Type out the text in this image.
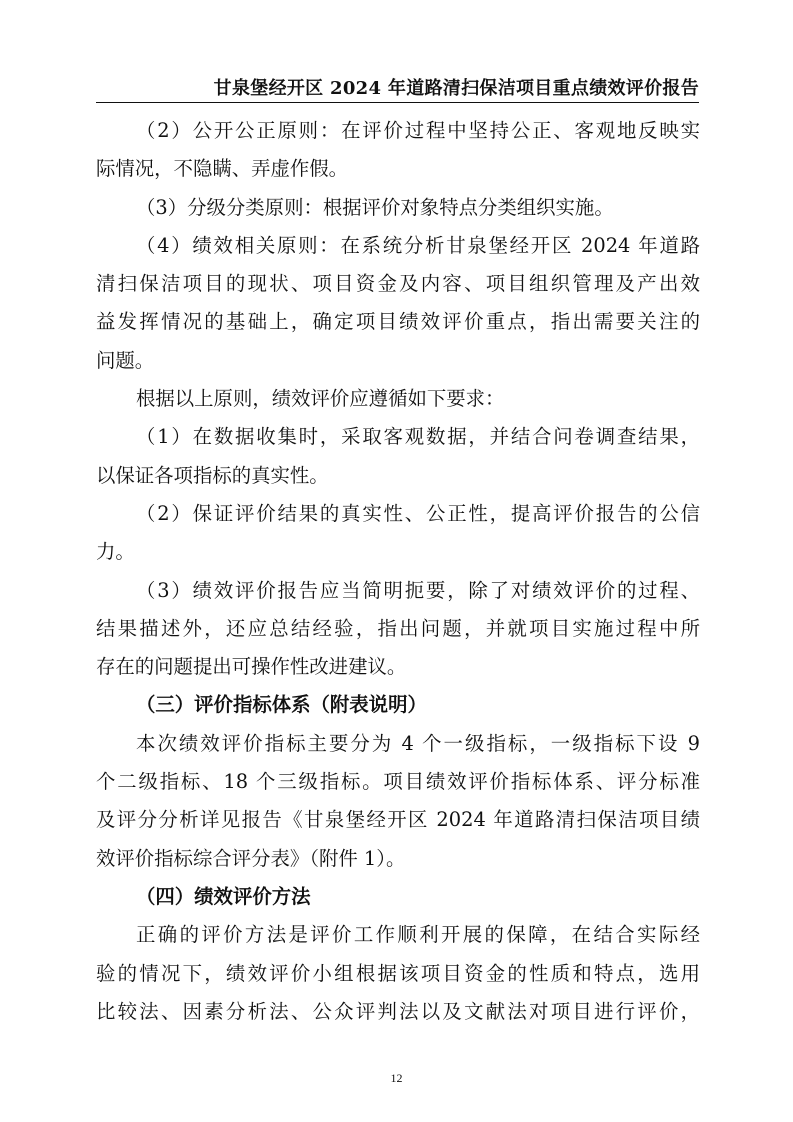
甘泉堡经开区 2024 年道路清扫保洁项目重点绩效评价报告
（2）公开公正原则：在评价过程中坚持公正、客观地反映实
际情况，不隐瞒、弄虚作假。
（3）分级分类原则：根据评价对象特点分类组织实施。
（4）绩效相关原则：在系统分析甘泉堡经开区 2024 年道路
清扫保洁项目的现状、项目资金及内容、项目组织管理及产出效
益发挥情况的基础上，确定项目绩效评价重点，指出需要关注的
问题。
根据以上原则，绩效评价应遵循如下要求：
（1）在数据收集时，采取客观数据，并结合问卷调查结果，
以保证各项指标的真实性。
（2）保证评价结果的真实性、公正性，提高评价报告的公信
力。
（3）绩效评价报告应当简明扼要，除了对绩效评价的过程、
结果描述外，还应总结经验，指出问题，并就项目实施过程中所
存在的问题提出可操作性改进建议。
（三）评价指标体系（附表说明）
本次绩效评价指标主要分为 4 个一级指标，一级指标下设 9
个二级指标、18 个三级指标。项目绩效评价指标体系、评分标准
及评分分析详见报告《甘泉堡经开区 2024 年道路清扫保洁项目绩
效评价指标综合评分表》（附件 1）。
（四）绩效评价方法
正确的评价方法是评价工作顺利开展的保障，在结合实际经
验的情况下，绩效评价小组根据该项目资金的性质和特点，选用
比较法、因素分析法、公众评判法以及文献法对项目进行评价，
12
